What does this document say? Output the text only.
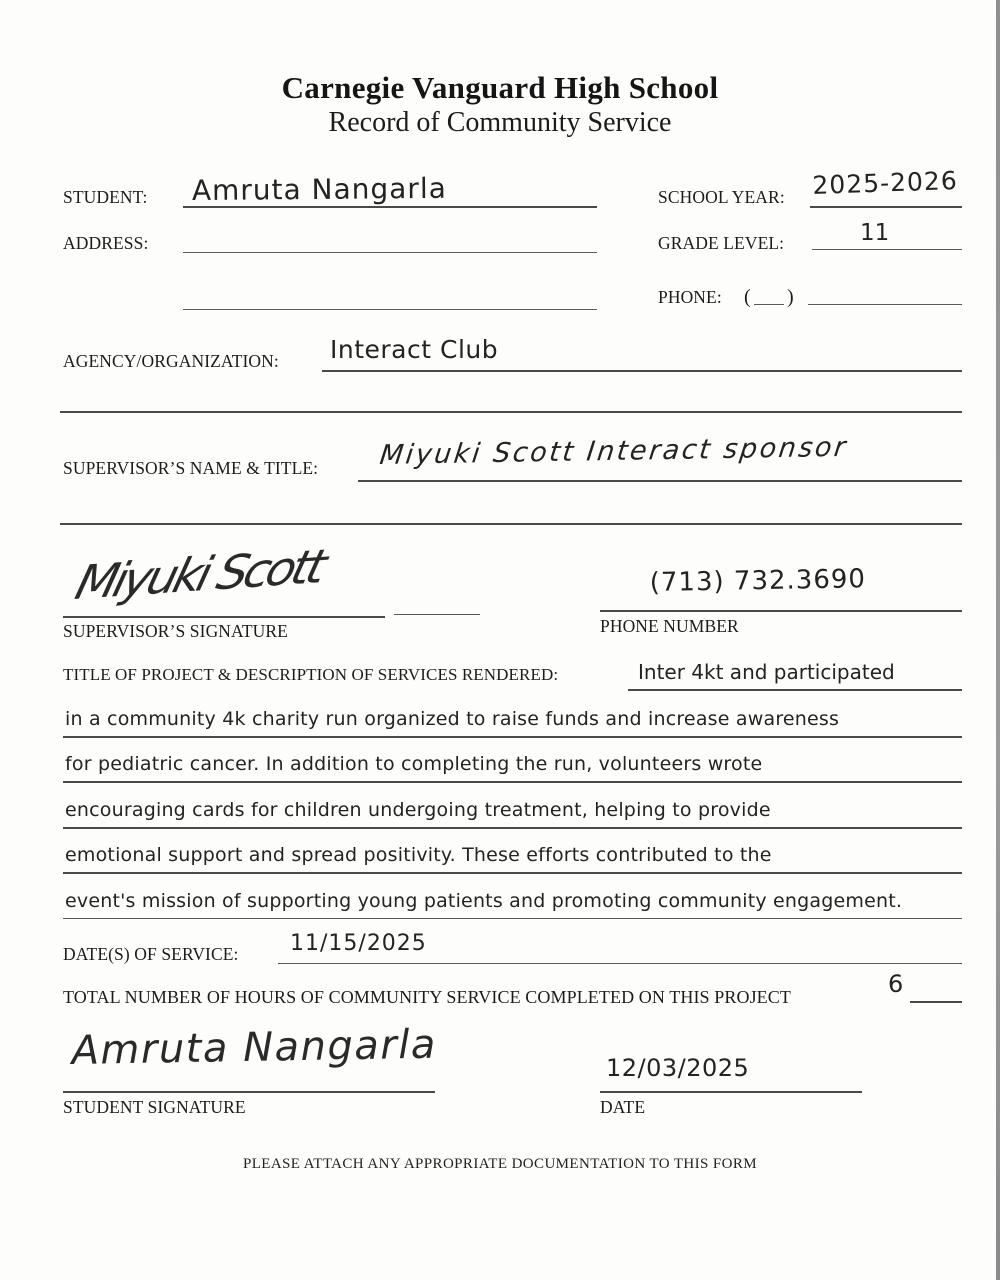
Carnegie Vanguard High School
Record of Community Service
STUDENT: Amruta Nangarla	SCHOOL YEAR: 2025-2026
ADDRESS:	GRADE LEVEL:	11
PHONE: ( )
AGENCY/ORGANIZATION: Interact Club
SUPERVISOR’S NAME & TITLE: Miyuki Scott Interact sponsor
Miyuki Scott
SUPERVISOR’S SIGNATURE
(713) 732.3690
PHONE NUMBER
TITLE OF PROJECT & DESCRIPTION OF SERVICES RENDERED:	Inter 4kt and participated
in a community 4k charity run organized to raise funds and increase awareness
for pediatric cancer. In addition to completing the run, volunteers wrote
encouraging cards for children undergoing treatment, helping to provide
emotional support and spread positivity. These efforts contributed to the
event's mission of supporting young patients and promoting community engagement.
DATE(S) OF SERVICE: 11/15/2025
TOTAL NUMBER OF HOURS OF COMMUNITY SERVICE COMPLETED ON THIS PROJECT	6
Amruta Nangarla
STUDENT SIGNATURE
12/03/2025
DATE
PLEASE ATTACH ANY APPROPRIATE DOCUMENTATION TO THIS FORM
